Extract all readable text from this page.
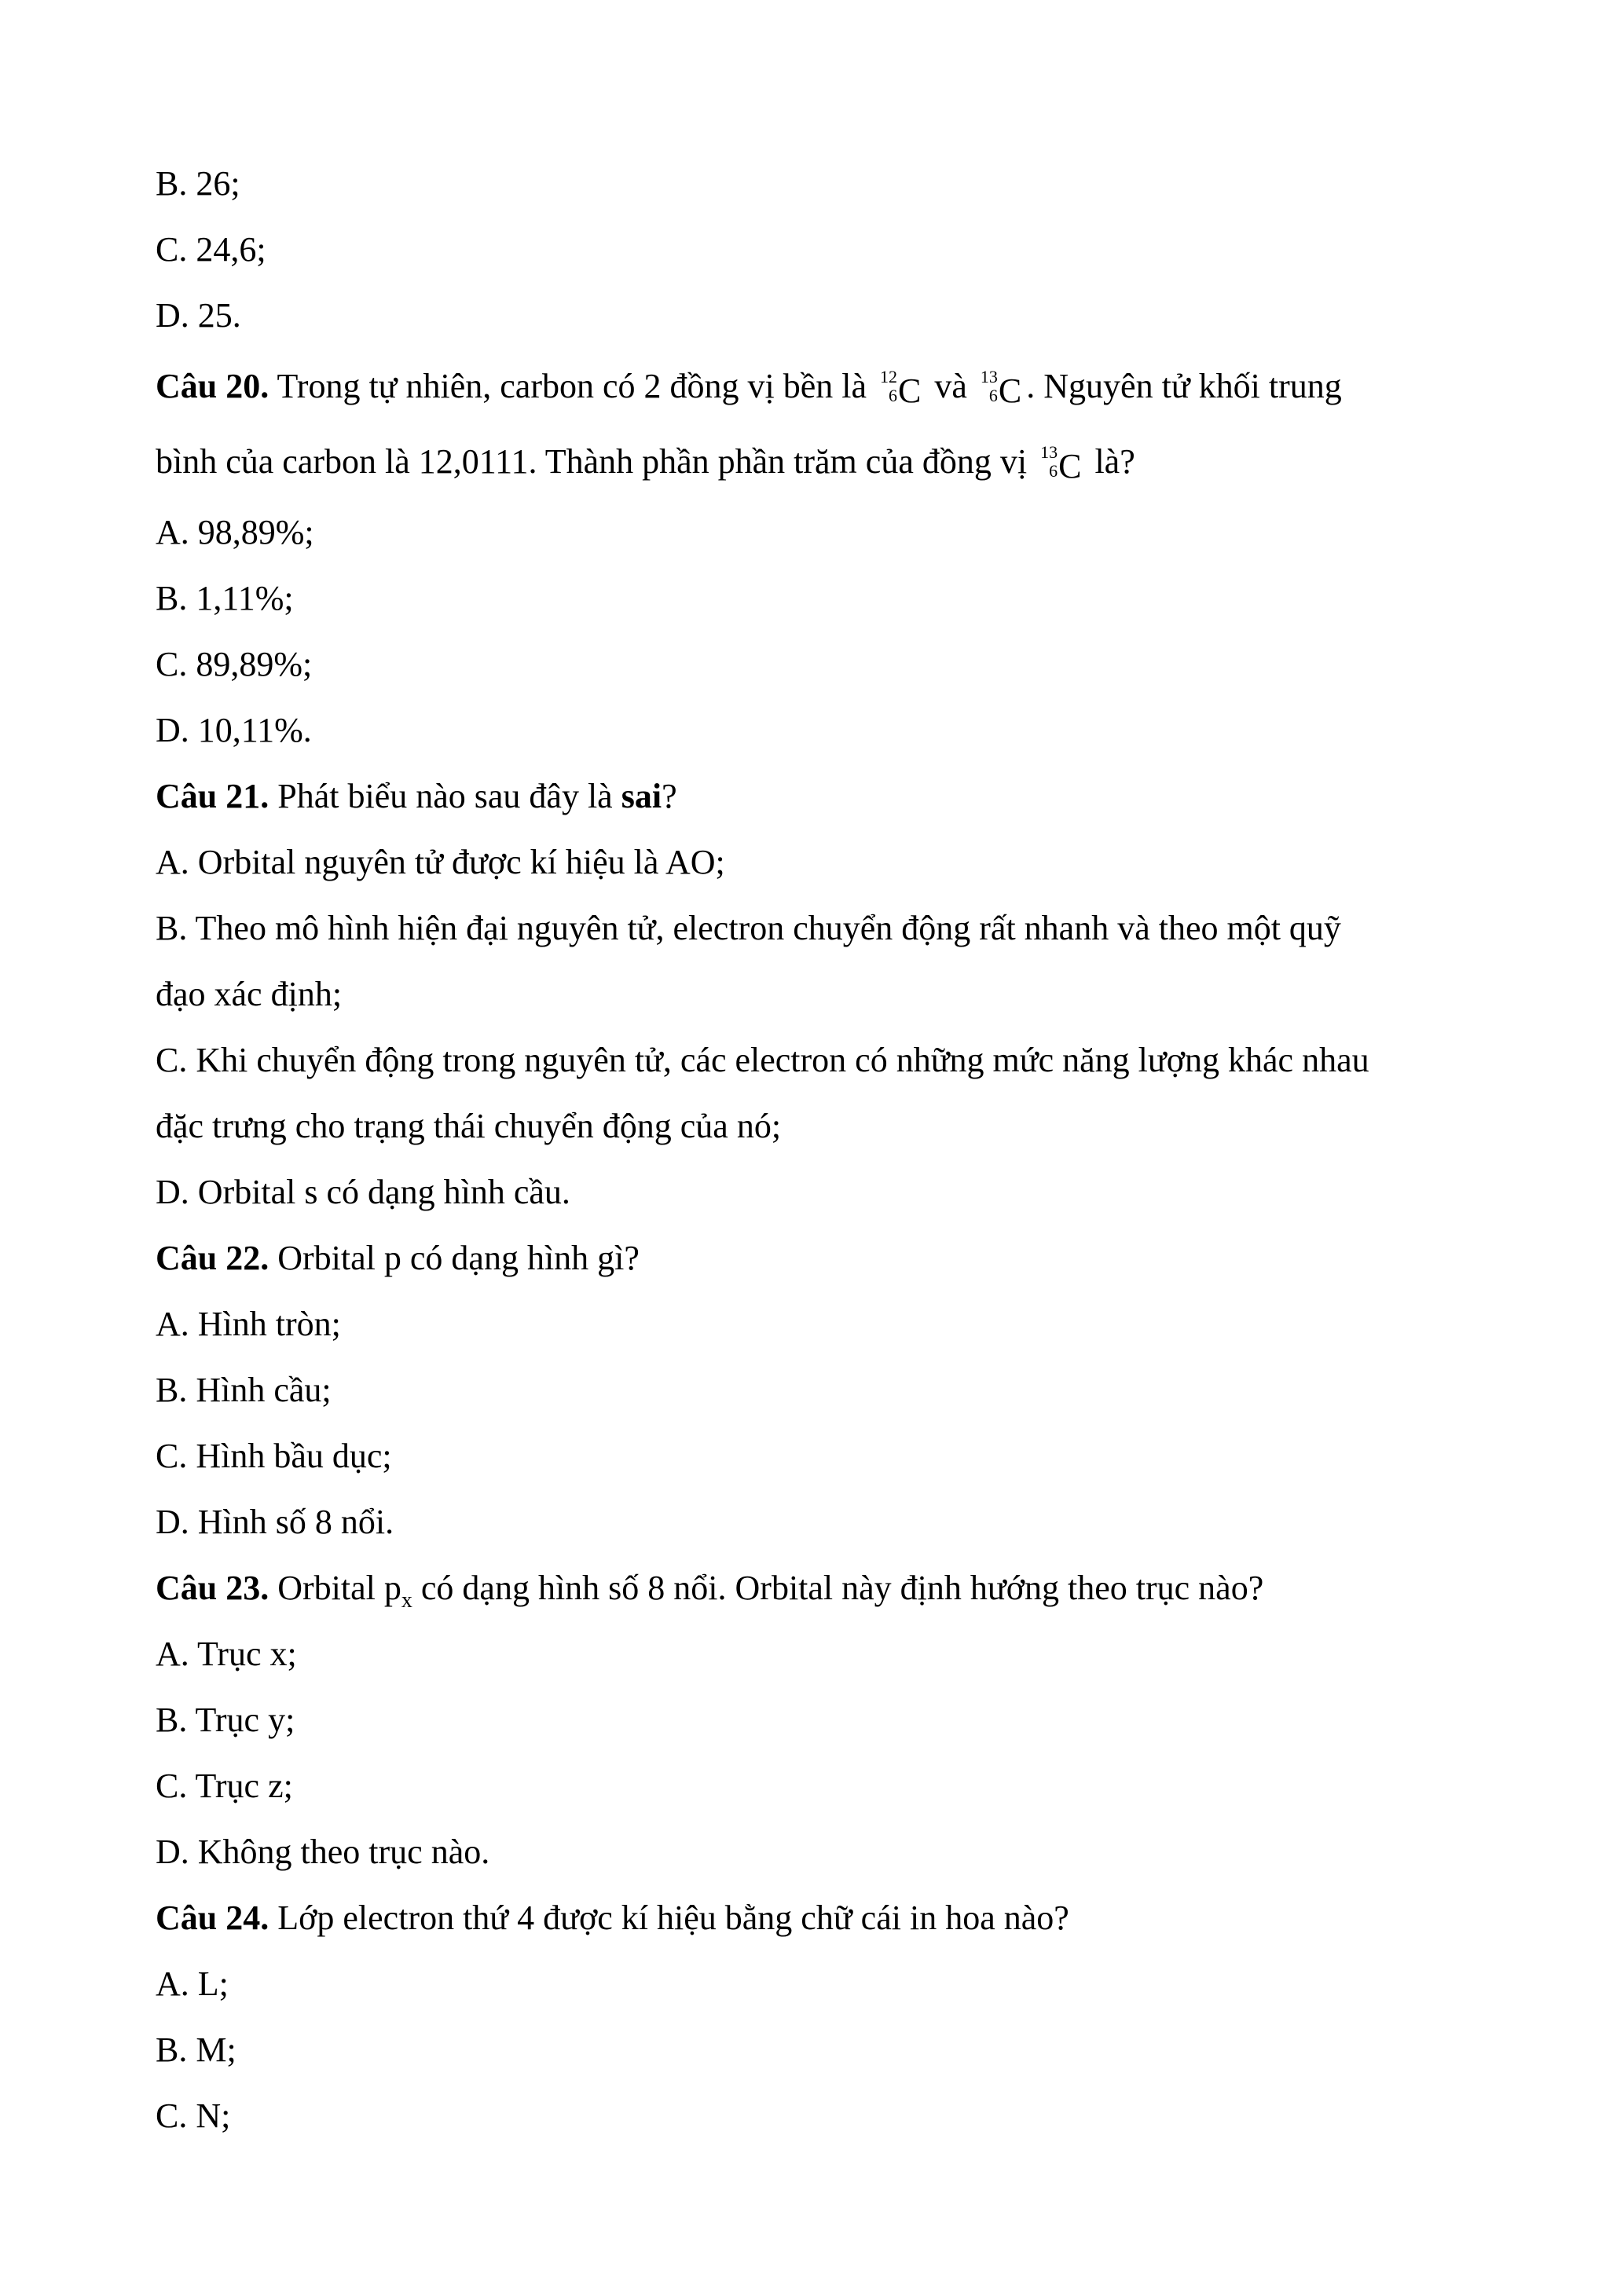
B. 26;
C. 24,6;
D. 25.
Câu 20. Trong tự nhiên, carbon có 2 đồng vị bền là 12
6 C và 13
6 C . Nguyên tử khối trung
bình của carbon là 12,0111. Thành phần phần trăm của đồng vị 13
6 C là?
A. 98,89%;
B. 1,11%;
C. 89,89%;
D. 10,11%.
Câu 21. Phát biểu nào sau đây là sai?
A. Orbital nguyên tử được kí hiệu là AO;
B. Theo mô hình hiện đại nguyên tử, electron chuyển động rất nhanh và theo một quỹ
đạo xác định;
C. Khi chuyển động trong nguyên tử, các electron có những mức năng lượng khác nhau
đặc trưng cho trạng thái chuyển động của nó;
D. Orbital s có dạng hình cầu.
Câu 22. Orbital p có dạng hình gì?
A. Hình tròn;
B. Hình cầu;
C. Hình bầu dục;
D. Hình số 8 nổi.
Câu 23. Orbital $p_x$ có dạng hình số 8 nổi. Orbital này định hướng theo trục nào?
A. Trục x;
B. Trục y;
C. Trục z;
D. Không theo trục nào.
Câu 24. Lớp electron thứ 4 được kí hiệu bằng chữ cái in hoa nào?
A. L;
B. M;
C. N;
